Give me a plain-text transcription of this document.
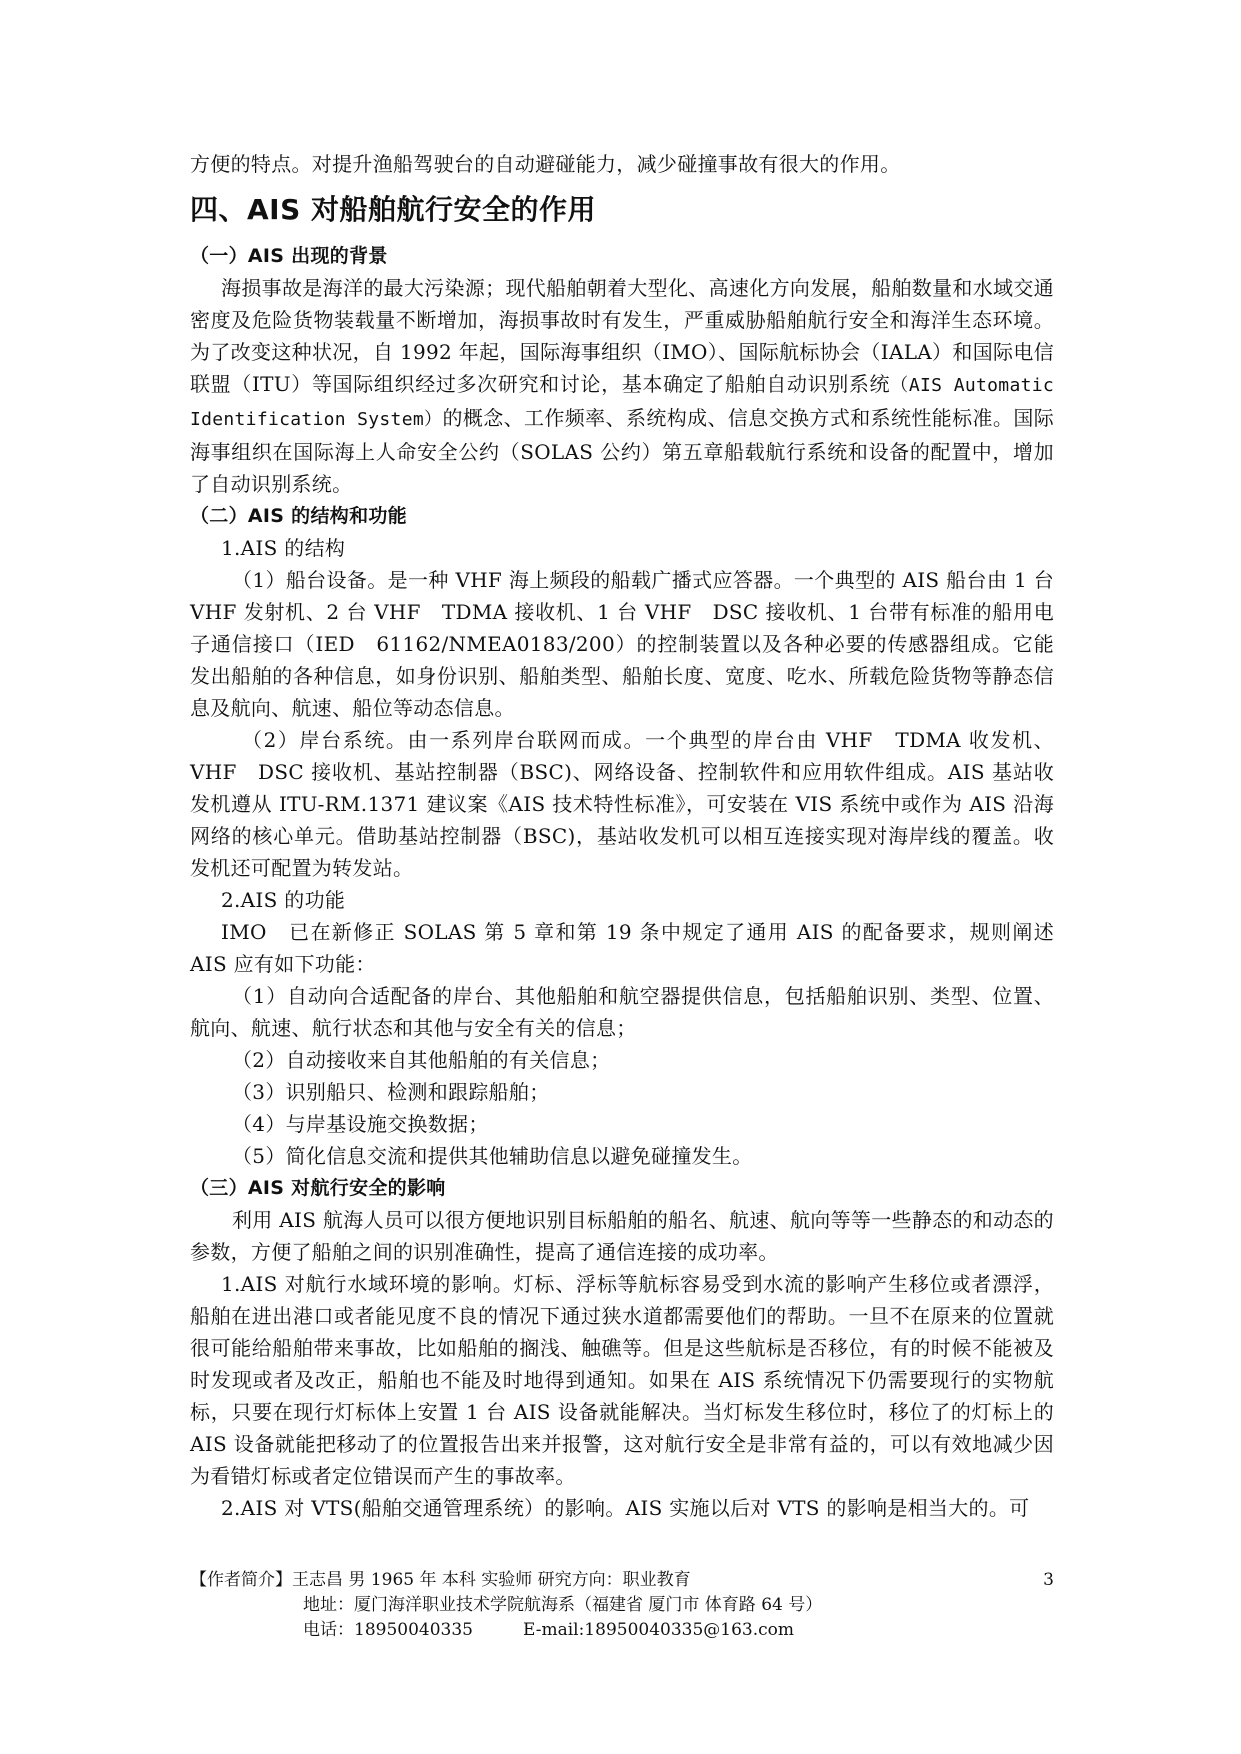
方便的特点。对提升渔船驾驶台的自动避碰能力，减少碰撞事故有很大的作用。

四、AIS 对船舶航行安全的作用
（一）AIS 出现的背景

海损事故是海洋的最大污染源；现代船舶朝着大型化、高速化方向发展，船舶数量和水域交通密度及危险货物装载量不断增加，海损事故时有发生，严重威胁船舶航行安全和海洋生态环境。为了改变这种状况，自 1992 年起，国际海事组织（IMO）、国际航标协会（IALA）和国际电信联盟（ITU）等国际组织经过多次研究和讨论，基本确定了船舶自动识别系统（AIS Automatic Identification System）的概念、工作频率、系统构成、信息交换方式和系统性能标准。国际海事组织在国际海上人命安全公约（SOLAS 公约）第五章船载航行系统和设备的配置中，增加了自动识别系统。

（二）AIS 的结构和功能

1.AIS 的结构

（1）船台设备。是一种 VHF 海上频段的船载广播式应答器。一个典型的 AIS 船台由 1 台 VHF 发射机、2 台 VHF　TDMA 接收机、1 台 VHF　DSC 接收机、1 台带有标准的船用电子通信接口（IED　61162/NMEA0183/200）的控制装置以及各种必要的传感器组成。它能发出船舶的各种信息，如身份识别、船舶类型、船舶长度、宽度、吃水、所载危险货物等静态信息及航向、航速、船位等动态信息。

（2）岸台系统。由一系列岸台联网而成。一个典型的岸台由 VHF　TDMA 收发机、VHF　DSC 接收机、基站控制器（BSC)、网络设备、控制软件和应用软件组成。AIS 基站收发机遵从 ITU-RM.1371 建议案《AIS 技术特性标准》，可安装在 VIS 系统中或作为 AIS 沿海网络的核心单元。借助基站控制器（BSC)，基站收发机可以相互连接实现对海岸线的覆盖。收发机还可配置为转发站。

2.AIS 的功能

IMO　已在新修正 SOLAS 第 5 章和第 19 条中规定了通用 AIS 的配备要求，规则阐述 AIS 应有如下功能：

（1）自动向合适配备的岸台、其他船舶和航空器提供信息，包括船舶识别、类型、位置、航向、航速、航行状态和其他与安全有关的信息；

（2）自动接收来自其他船舶的有关信息；

（3）识别船只、检测和跟踪船舶；

（4）与岸基设施交换数据；

（5）简化信息交流和提供其他辅助信息以避免碰撞发生。

（三）AIS 对航行安全的影响

利用 AIS 航海人员可以很方便地识别目标船舶的船名、航速、航向等等一些静态的和动态的参数，方便了船舶之间的识别准确性，提高了通信连接的成功率。

1.AIS 对航行水域环境的影响。灯标、浮标等航标容易受到水流的影响产生移位或者漂浮，船舶在进出港口或者能见度不良的情况下通过狭水道都需要他们的帮助。一旦不在原来的位置就很可能给船舶带来事故，比如船舶的搁浅、触礁等。但是这些航标是否移位，有的时候不能被及时发现或者及改正，船舶也不能及时地得到通知。如果在 AIS 系统情况下仍需要现行的实物航标，只要在现行灯标体上安置 1 台 AIS 设备就能解决。当灯标发生移位时，移位了的灯标上的 AIS 设备就能把移动了的位置报告出来并报警，这对航行安全是非常有益的，可以有效地减少因为看错灯标或者定位错误而产生的事故率。

2.AIS 对 VTS(船舶交通管理系统）的影响。AIS 实施以后对 VTS 的影响是相当大的。可

【作者简介】王志昌 男 1965 年 本科 实验师 研究方向：职业教育	3
地址：厦门海洋职业技术学院航海系（福建省 厦门市 体育路 64 号）
电话：18950040335	E-mail:18950040335@163.com
